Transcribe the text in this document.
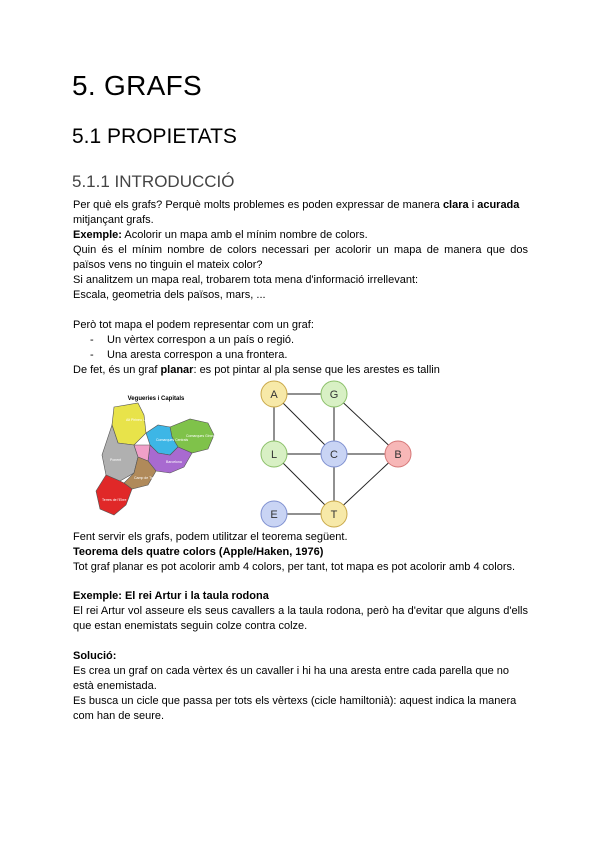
5. GRAFS
5.1 PROPIETATS
5.1.1 INTRODUCCIÓ

Per què els grafs? Perquè molts problemes es poden expressar de manera clara i acurada

mitjançant grafs.

Exemple: Acolorir un mapa amb el mínim nombre de colors.

Quin és el mínim nombre de colors necessari per acolorir un mapa de manera que dos països vens no tinguin el mateix color?

Si analitzem un mapa real, trobarem tota mena d'informació irrellevant:

Escala, geometria dels països, mars, ...

Però tot mapa el podem representar com un graf:

- Un vèrtex correspon a un país o regió.
- Una aresta correspon a una frontera.

De fet, és un graf planar: es pot pintar al pla sense que les arestes es tallin

Vegueries i Capitals
Alt Pirineu i Aran
Comarques Gironines
Comarques Centrals
Ponent	Barcelona
Camp de Tarragona
Terres de l'Ebre
A	G
L	C	B
E	T

Fent servir els grafs, podem utilitzar el teorema següent.

Teorema dels quatre colors (Apple/Haken, 1976)

Tot graf planar es pot acolorir amb 4 colors, per tant, tot mapa es pot acolorir amb 4 colors.

Exemple: El rei Artur i la taula rodona

El rei Artur vol asseure els seus cavallers a la taula rodona, però ha d'evitar que alguns d'ells que estan enemistats seguin colze contra colze.

Solució:

Es crea un graf on cada vèrtex és un cavaller i hi ha una aresta entre cada parella que no està enemistada.

Es busca un cicle que passa per tots els vèrtexs (cicle hamiltonià): aquest indica la manera com han de seure.
